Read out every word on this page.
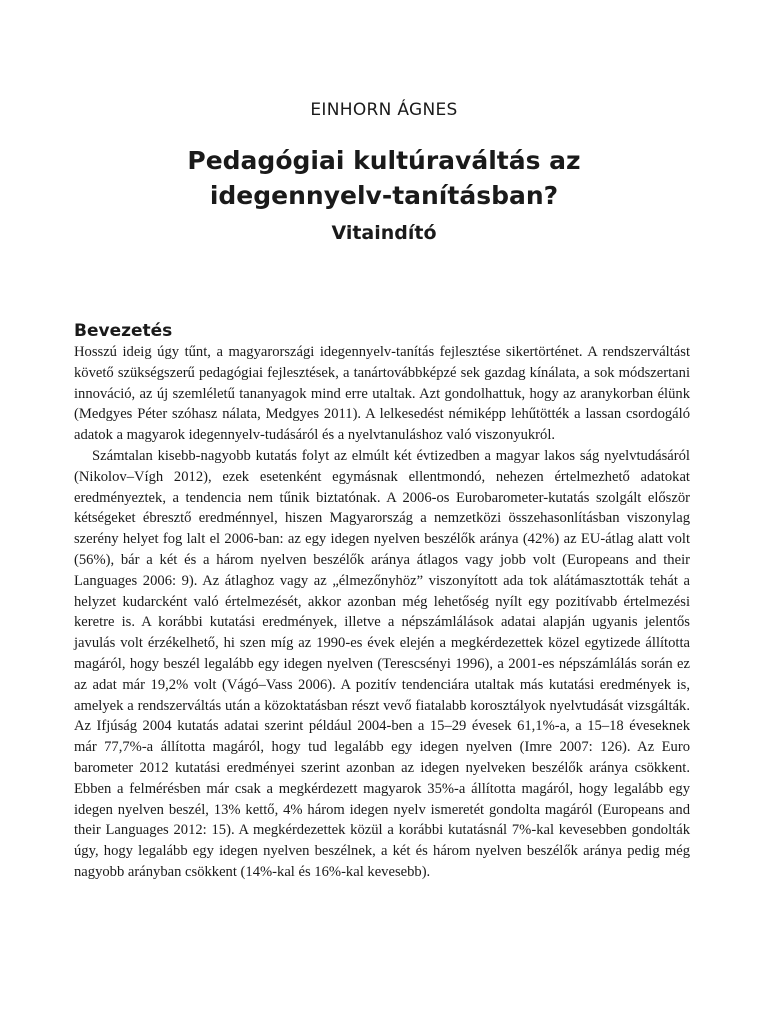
EINHORN ÁGNES
Pedagógiai kultúraváltás az
idegennyelv-tanításban?
Vitaindító
Bevezetés

Hosszú ideig úgy tűnt, a magyarországi idegennyelv-tanítás fejlesztése sikertörténet. A rendszerváltást követő szükségszerű pedagógiai fejlesztések, a tanártovábbképzé sek gazdag kínálata, a sok módszertani innováció, az új szemléletű tananyagok mind erre utaltak. Azt gondolhattuk, hogy az aranykorban élünk (Medgyes Péter szóhasz nálata, Medgyes 2011). A lelkesedést némiképp lehűtötték a lassan csordogáló adatok a magyarok idegennyelv-tudásáról és a nyelvtanuláshoz való viszonyukról.

Számtalan kisebb-nagyobb kutatás folyt az elmúlt két évtizedben a magyar lakos ság nyelvtudásáról (Nikolov–Vígh 2012), ezek esetenként egymásnak ellentmondó, nehezen értelmezhető adatokat eredményeztek, a tendencia nem tűnik biztatónak. A 2006-os Eurobarometer-kutatás szolgált először kétségeket ébresztő eredménnyel, hiszen Magyarország a nemzetközi összehasonlításban viszonylag szerény helyet fog lalt el 2006-ban: az egy idegen nyelven beszélők aránya (42%) az EU-átlag alatt volt (56%), bár a két és a három nyelven beszélők aránya átlagos vagy jobb volt (Europeans and their Languages 2006: 9). Az átlaghoz vagy az „élmezőnyhöz” viszonyított ada tok alátámasztották tehát a helyzet kudarcként való értelmezését, akkor azonban még lehetőség nyílt egy pozitívabb értelmezési keretre is. A korábbi kutatási eredmények, illetve a népszámlálások adatai alapján ugyanis jelentős javulás volt érzékelhető, hi szen míg az 1990-es évek elején a megkérdezettek közel egytizede állította magáról, hogy beszél legalább egy idegen nyelven (Terescsényi 1996), a 2001-es népszámlálás során ez az adat már 19,2% volt (Vágó–Vass 2006). A pozitív tendenciára utaltak más kutatási eredmények is, amelyek a rendszerváltás után a közoktatásban részt vevő fiatalabb korosztályok nyelvtudását vizsgálták. Az Ifjúság 2004 kutatás adatai szerint például 2004-ben a 15–29 évesek 61,1%-a, a 15–18 éveseknek már 77,7%-a állította magáról, hogy tud legalább egy idegen nyelven (Imre 2007: 126). Az Euro barometer 2012 kutatási eredményei szerint azonban az idegen nyelveken beszélők aránya csökkent. Ebben a felmérésben már csak a megkérdezett magyarok 35%-a állította magáról, hogy legalább egy idegen nyelven beszél, 13% kettő, 4% három idegen nyelv ismeretét gondolta magáról (Europeans and their Languages 2012: 15). A megkérdezettek közül a korábbi kutatásnál 7%-kal kevesebben gondolták úgy, hogy legalább egy idegen nyelven beszélnek, a két és három nyelven beszélők aránya pedig még nagyobb arányban csökkent (14%-kal és 16%-kal kevesebb).
